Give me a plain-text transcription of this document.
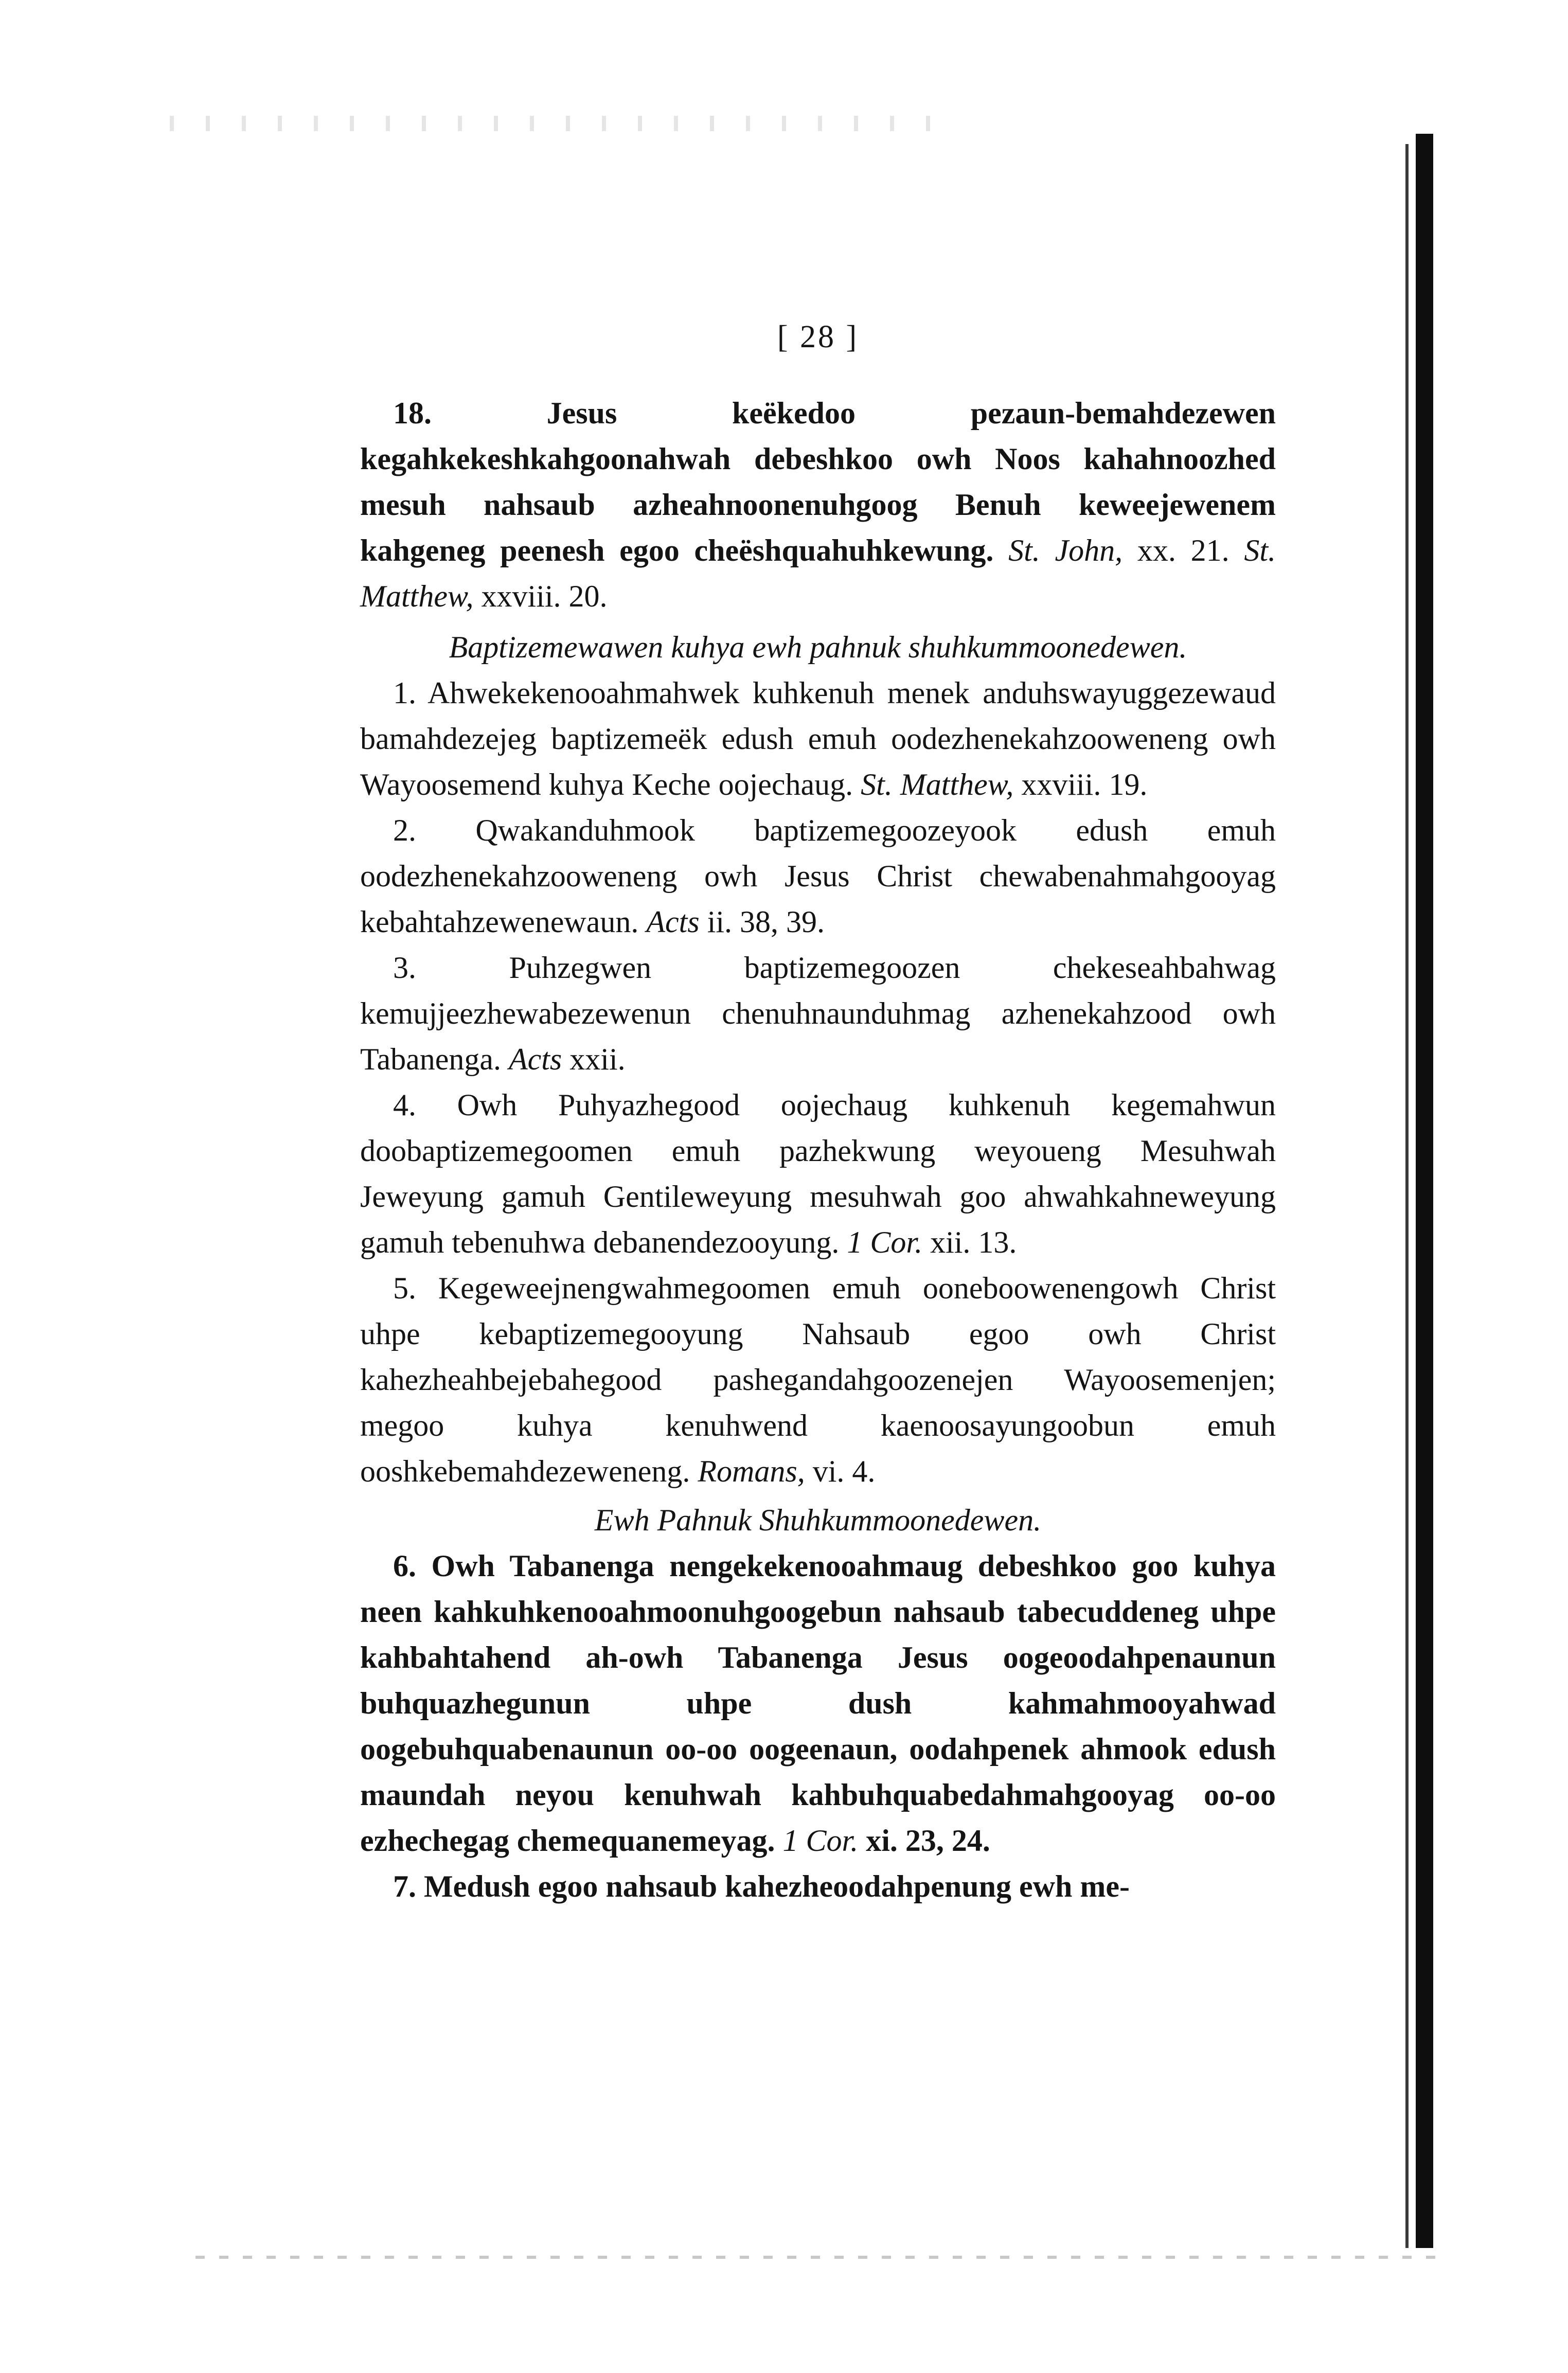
[ 28 ]

18. Jesus keëkedoo pezaun-bemahdezewen kegahkekeshkahgoonahwah debeshkoo owh Noos kahahnoozhed mesuh nahsaub azheahnoonenuhgoog Benuh keweejewenem kahgeneg peenesh egoo cheëshquahuhkewung. St. John, xx. 21. St. Matthew, xxviii. 20.

Baptizemewawen kuhya ewh pahnuk shuhkummoonedewen.

1. Ahwekekenooahmahwek kuhkenuh menek anduhswayuggezewaud bamahdezejeg baptizemeëk edush emuh oodezhenekahzooweneng owh Wayoosemend kuhya Keche oojechaug. St. Matthew, xxviii. 19.

2. Qwakanduhmook baptizemegoozeyook edush emuh oodezhenekahzooweneng owh Jesus Christ chewabenahmahgooyag kebahtahzewenewaun. Acts ii. 38, 39.

3. Puhzegwen baptizemegoozen chekeseahbahwag kemujjeezhewabezewenun chenuhnaunduhmag azhenekahzood owh Tabanenga. Acts xxii.

4. Owh Puhyazhegood oojechaug kuhkenuh kegemahwun doobaptizemegoomen emuh pazhekwung weyoueng Mesuhwah Jeweyung gamuh Gentileweyung mesuhwah goo ahwahkahneweyung gamuh tebenuhwa debanendezooyung. 1 Cor. xii. 13.

5. Kegeweejnengwahmegoomen emuh ooneboowenengowh Christ uhpe kebaptizemegooyung Nahsaub egoo owh Christ kahezheahbejebahegood pashegandahgoozenejen Wayoosemenjen; megoo kuhya kenuhwend kaenoosayungoobun emuh ooshkebemahdezeweneng. Romans, vi. 4.

Ewh Pahnuk Shuhkummoonedewen.

6. Owh Tabanenga nengekekenooahmaug debeshkoo goo kuhya neen kahkuhkenooahmoonuhgoogebun nahsaub tabecuddeneg uhpe kahbahtahend ah-owh Tabanenga Jesus oogeoodahpenaunun buhquazhegunun uhpe dush kahmahmooyahwad oogebuhquabenaunun oo-oo oogeenaun, oodahpenek ahmook edush maundah neyou kenuhwah kahbuhquabedahmahgooyag oo-oo ezhechegag chemequanemeyag. 1 Cor. xi. 23, 24.

7. Medush egoo nahsaub kahezheoodahpenung ewh me-
